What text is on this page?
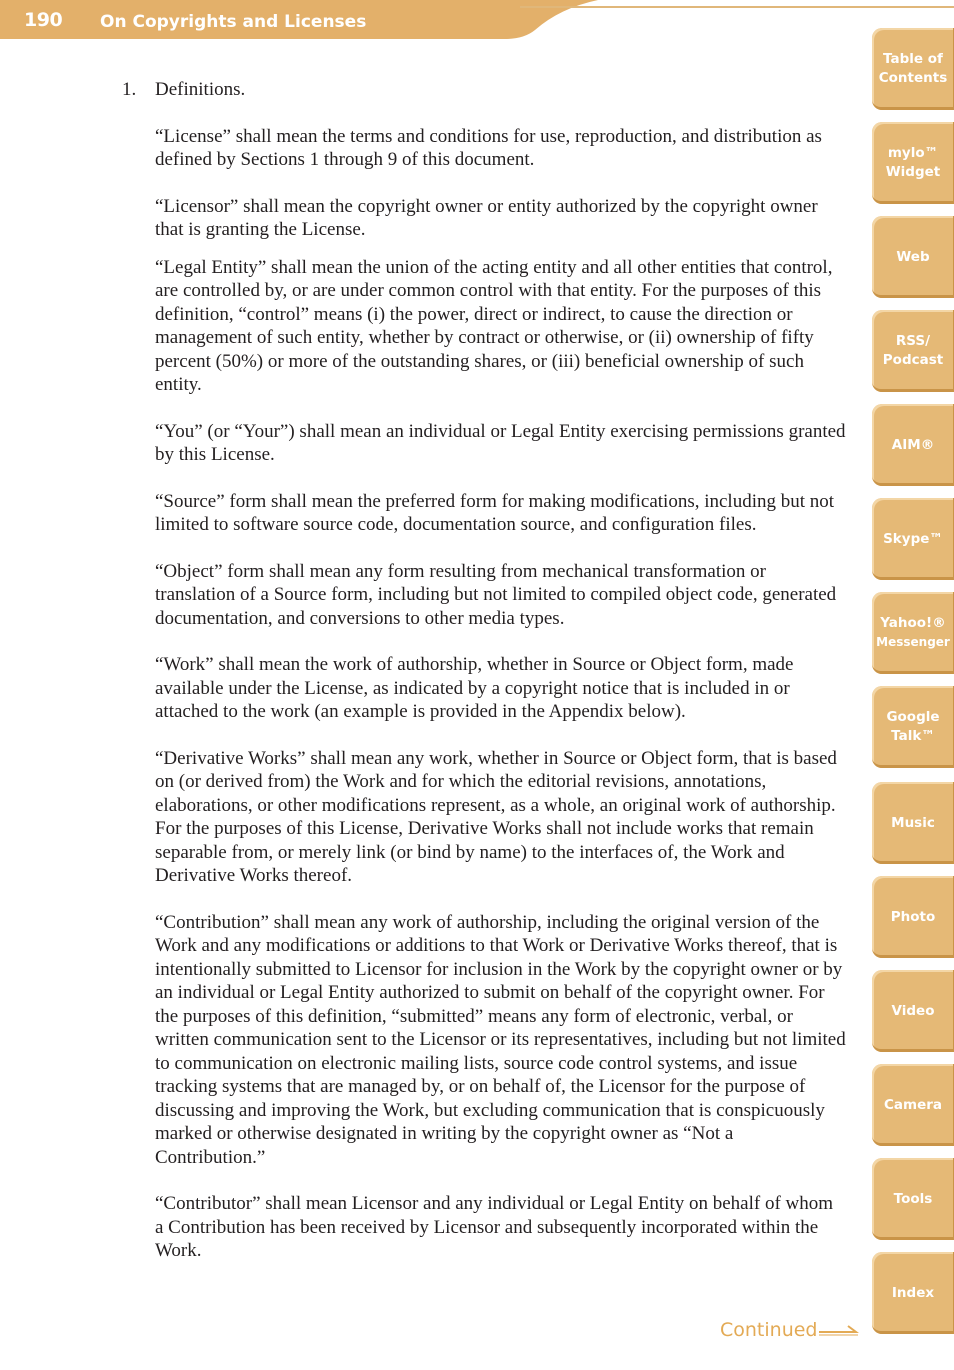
190 On Copyrights and Licenses
1. Definitions.

“License” shall mean the terms and conditions for use, reproduction, and distribution as defined by Sections 1 through 9 of this document.

“Licensor” shall mean the copyright owner or entity authorized by the copyright owner that is granting the License.

“Legal Entity” shall mean the union of the acting entity and all other entities that control, are controlled by, or are under common control with that entity. For the purposes of this definition, “control” means (i) the power, direct or indirect, to cause the direction or management of such entity, whether by contract or otherwise, or (ii) ownership of fifty percent (50%) or more of the outstanding shares, or (iii) beneficial ownership of such entity.

“You” (or “Your”) shall mean an individual or Legal Entity exercising permissions granted by this License.

“Source” form shall mean the preferred form for making modifications, including but not limited to software source code, documentation source, and configuration files.

“Object” form shall mean any form resulting from mechanical transformation or translation of a Source form, including but not limited to compiled object code, generated documentation, and conversions to other media types.

“Work” shall mean the work of authorship, whether in Source or Object form, made available under the License, as indicated by a copyright notice that is included in or attached to the work (an example is provided in the Appendix below).

“Derivative Works” shall mean any work, whether in Source or Object form, that is based on (or derived from) the Work and for which the editorial revisions, annotations, elaborations, or other modifications represent, as a whole, an original work of authorship. For the purposes of this License, Derivative Works shall not include works that remain separable from, or merely link (or bind by name) to the interfaces of, the Work and Derivative Works thereof.

“Contribution” shall mean any work of authorship, including the original version of the Work and any modifications or additions to that Work or Derivative Works thereof, that is intentionally submitted to Licensor for inclusion in the Work by the copyright owner or by an individual or Legal Entity authorized to submit on behalf of the copyright owner. For the purposes of this definition, “submitted” means any form of electronic, verbal, or written communication sent to the Licensor or its representatives, including but not limited to communication on electronic mailing lists, source code control systems, and issue tracking systems that are managed by, or on behalf of, the Licensor for the purpose of discussing and improving the Work, but excluding communication that is conspicuously marked or otherwise designated in writing by the copyright owner as “Not a Contribution.”

“Contributor” shall mean Licensor and any individual or Legal Entity on behalf of whom a Contribution has been received by Licensor and subsequently incorporated within the Work.

Table of
Contents
mylo™
Widget
Web
RSS/
Podcast
AIM®
Skype™
Yahoo!®
Messenger
Google
Talk™
Music
Photo
Video
Camera
Tools
Index
Continued
